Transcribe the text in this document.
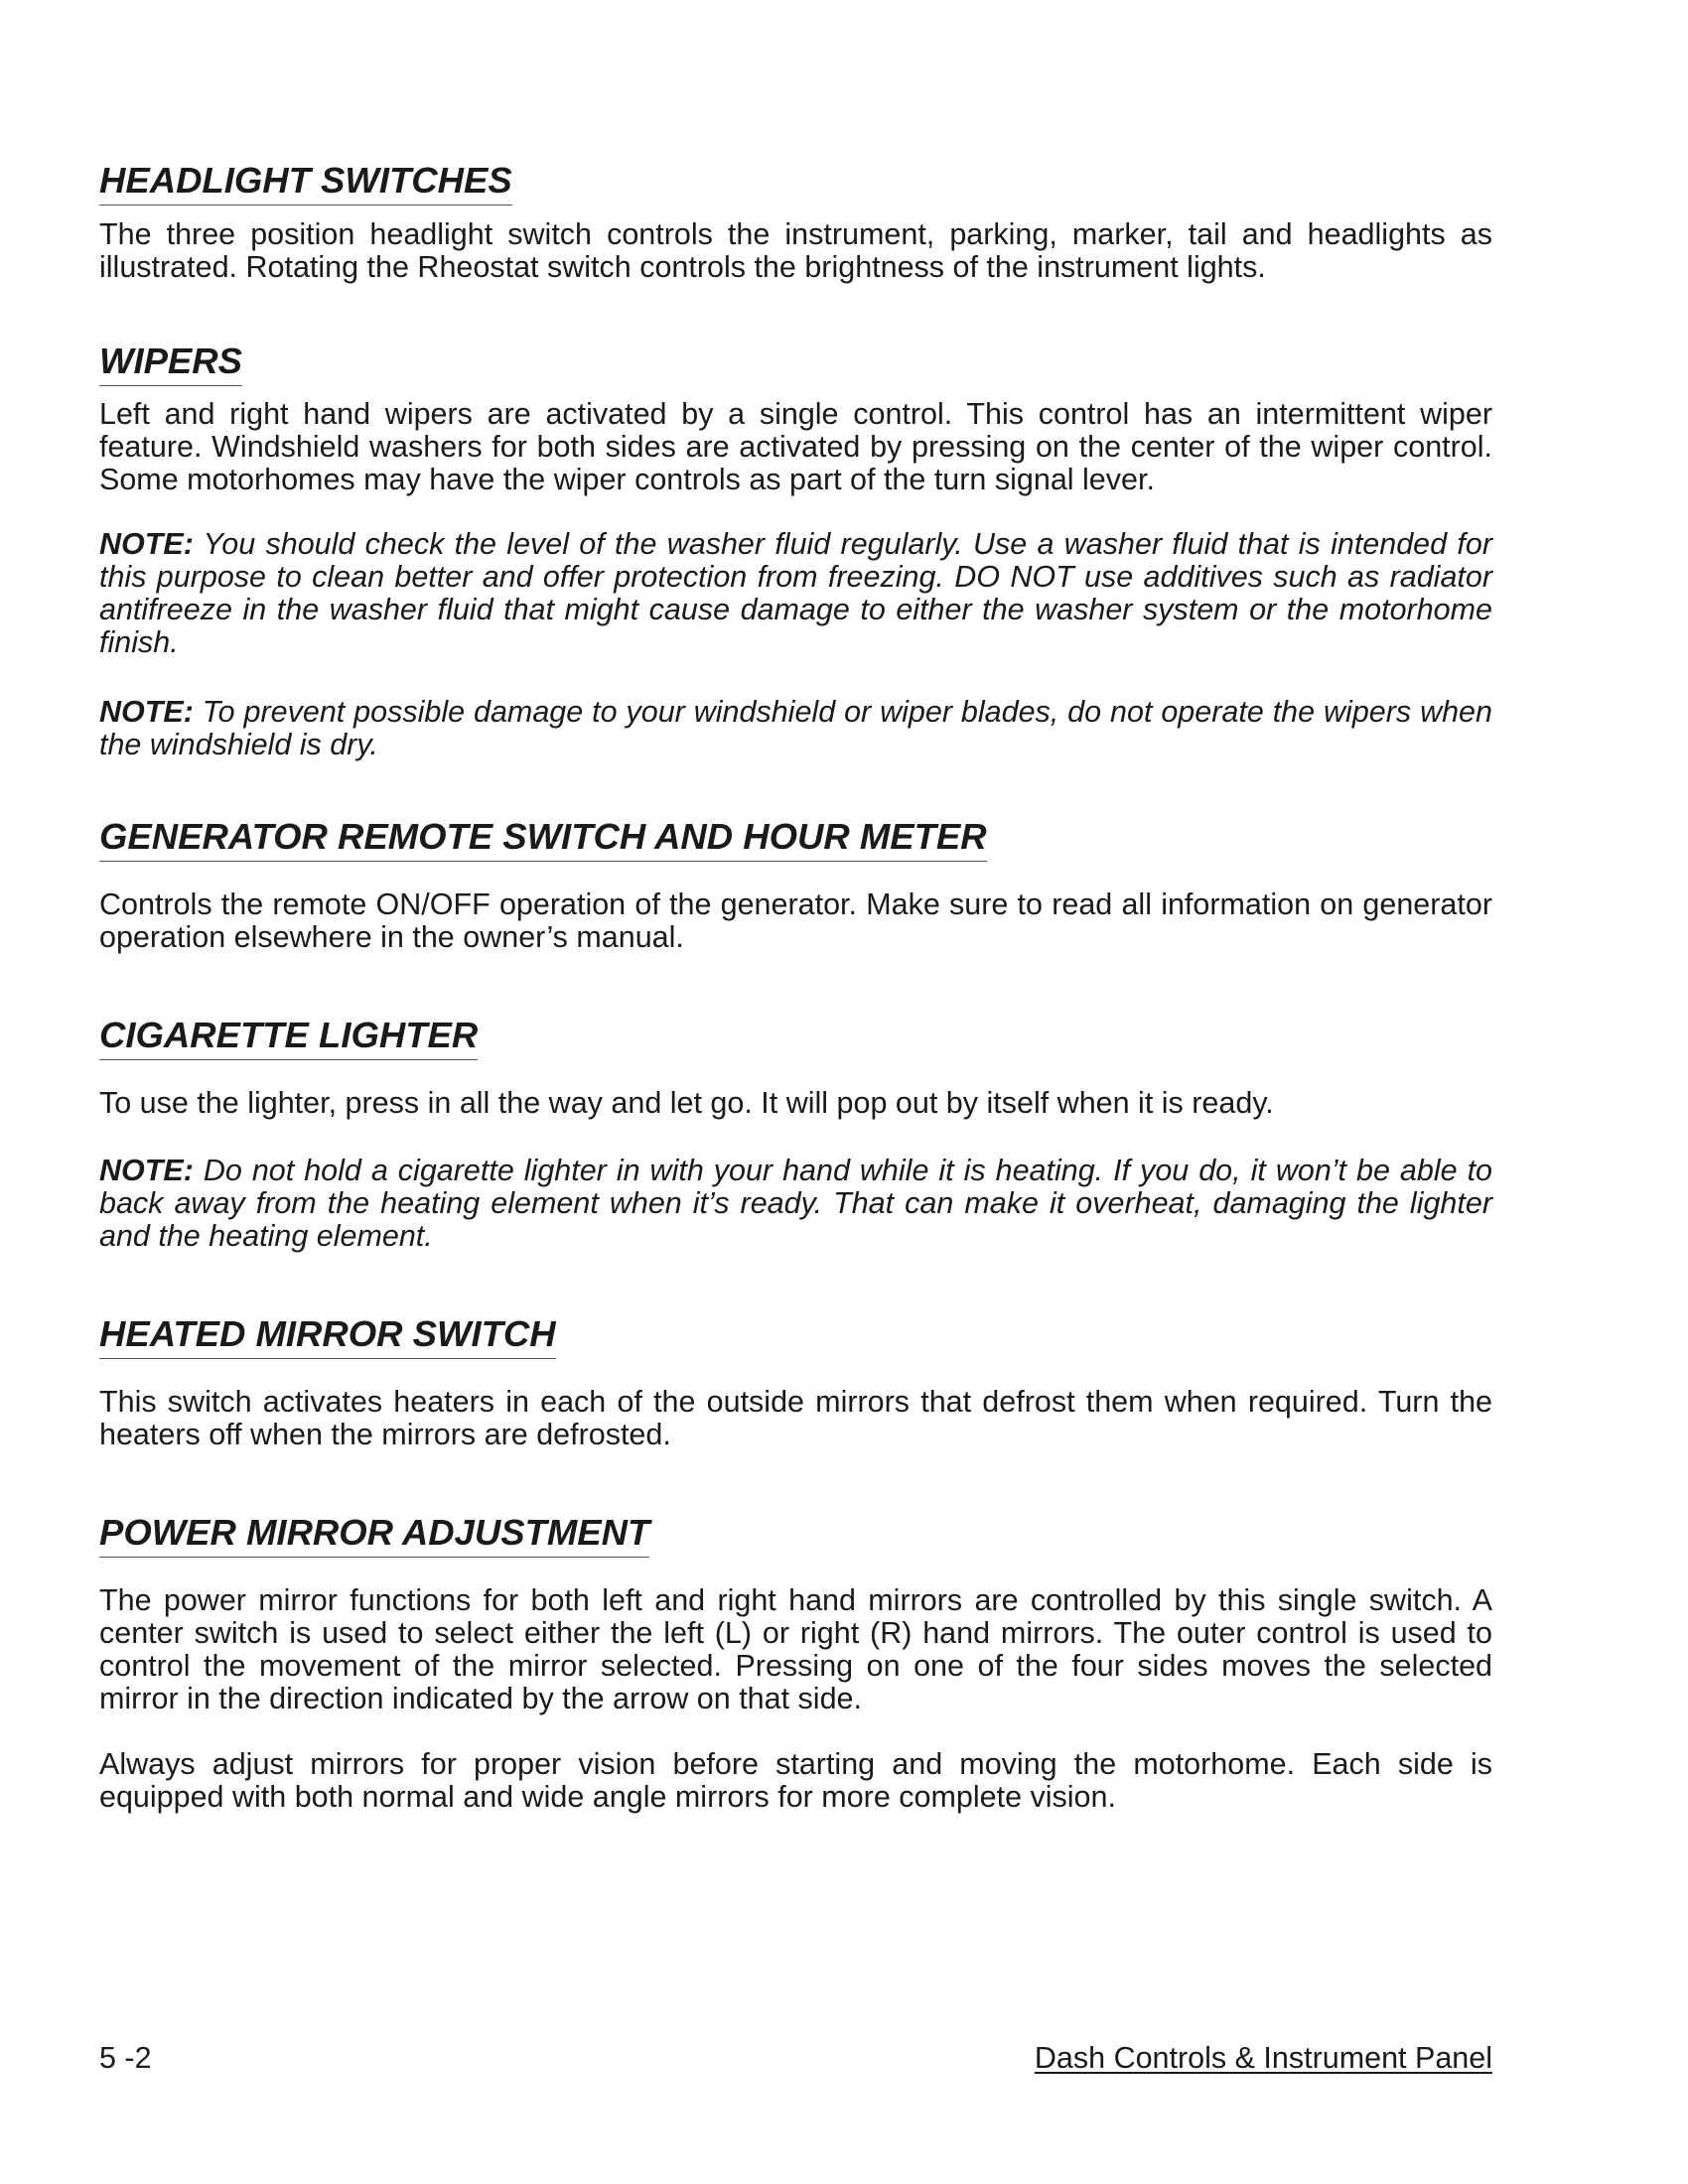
HEADLIGHT SWITCHES

The three position headlight switch controls the instrument, parking, marker, tail and headlights as illustrated. Rotating the Rheostat switch controls the brightness of the instrument lights.

WIPERS

Left and right hand wipers are activated by a single control. This control has an intermittent wiper feature. Windshield washers for both sides are activated by pressing on the center of the wiper control. Some motorhomes may have the wiper controls as part of the turn signal lever.

NOTE: You should check the level of the washer fluid regularly. Use a washer fluid that is intended for this purpose to clean better and offer protection from freezing. DO NOT use additives such as radiator antifreeze in the washer fluid that might cause damage to either the washer system or the motorhome finish.

NOTE: To prevent possible damage to your windshield or wiper blades, do not operate the wipers when the windshield is dry.

GENERATOR REMOTE SWITCH AND HOUR METER

Controls the remote ON/OFF operation of the generator. Make sure to read all information on generator operation elsewhere in the owner’s manual.

CIGARETTE LIGHTER

To use the lighter, press in all the way and let go. It will pop out by itself when it is ready.

NOTE: Do not hold a cigarette lighter in with your hand while it is heating. If you do, it won’t be able to back away from the heating element when it’s ready. That can make it overheat, damaging the lighter and the heating element.

HEATED MIRROR SWITCH

This switch activates heaters in each of the outside mirrors that defrost them when required. Turn the heaters off when the mirrors are defrosted.

POWER MIRROR ADJUSTMENT

The power mirror functions for both left and right hand mirrors are controlled by this single switch. A center switch is used to select either the left (L) or right (R) hand mirrors. The outer control is used to control the movement of the mirror selected. Pressing on one of the four sides moves the selected mirror in the direction indicated by the arrow on that side.

Always adjust mirrors for proper vision before starting and moving the motorhome. Each side is equipped with both normal and wide angle mirrors for more complete vision.

5 -2	Dash Controls & Instrument Panel
